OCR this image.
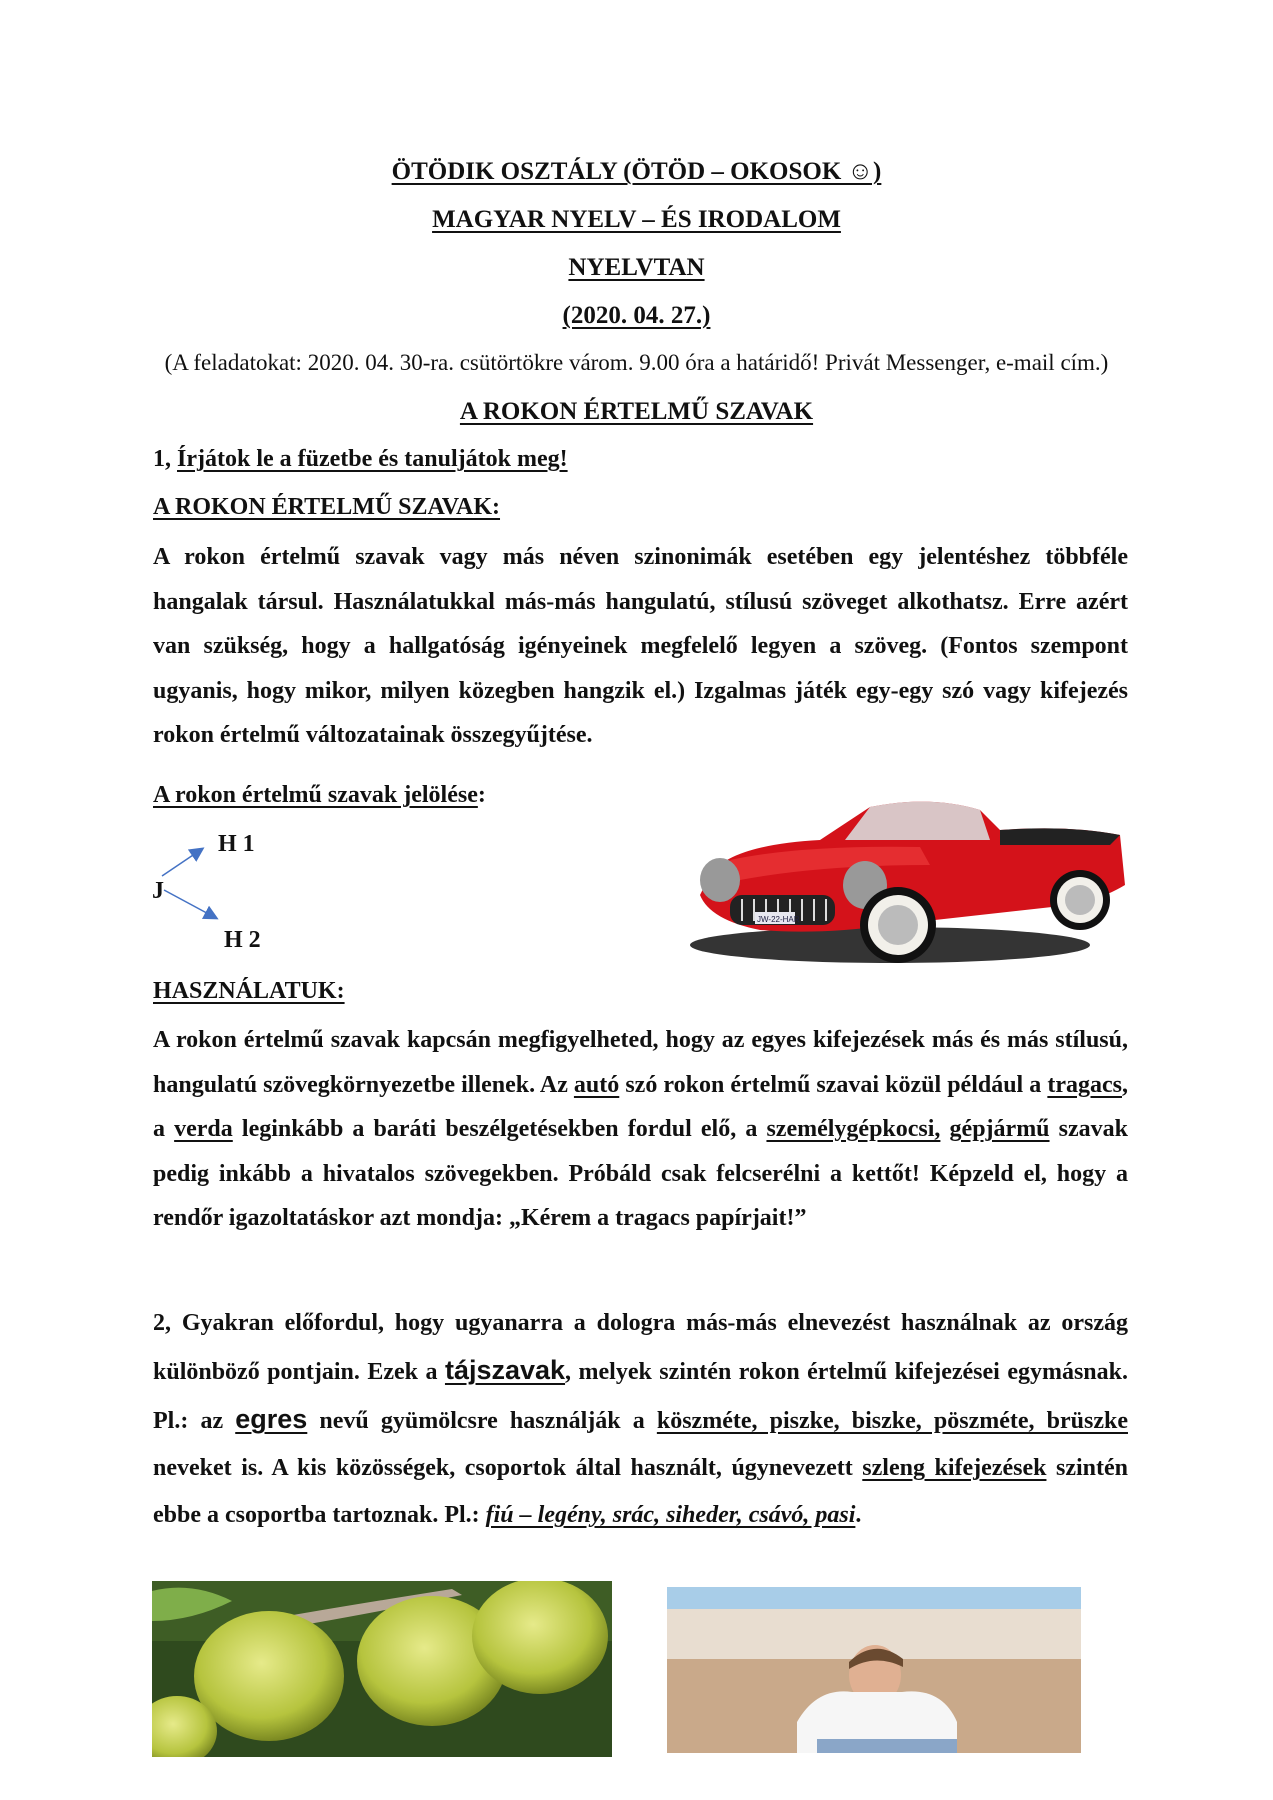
ÖTÖDIK OSZTÁLY (ÖTÖD – OKOSOK ☺)
MAGYAR NYELV – ÉS IRODALOM
NYELVTAN
(2020. 04. 27.)
(A feladatokat: 2020. 04. 30-ra. csütörtökre várom. 9.00 óra a határidő! Privát Messenger, e-mail cím.)
A ROKON ÉRTELMŰ SZAVAK
1, Írjátok le a füzetbe és tanuljátok meg!
A ROKON ÉRTELMŰ SZAVAK:
A rokon értelmű szavak vagy más néven szinonimák esetében egy jelentéshez többféle hangalak társul. Használatukkal más-más hangulatú, stílusú szöveget alkothatsz. Erre azért van szükség, hogy a hallgatóság igényeinek megfelelő legyen a szöveg. (Fontos szempont ugyanis, hogy mikor, milyen közegben hangzik el.) Izgalmas játék egy-egy szó vagy kifejezés rokon értelmű változatainak összegyűjtése.
A rokon értelmű szavak jelölése:
H 1
J
H 2
JW-22-HAR
HASZNÁLATUK:
A rokon értelmű szavak kapcsán megfigyelheted, hogy az egyes kifejezések más és más stílusú, hangulatú szövegkörnyezetbe illenek. Az autó szó rokon értelmű szavai közül például a tragacs, a verda leginkább a baráti beszélgetésekben fordul elő, a személygépkocsi, gépjármű szavak pedig inkább a hivatalos szövegekben. Próbáld csak felcserélni a kettőt! Képzeld el, hogy a rendőr igazoltatáskor azt mondja: „Kérem a tragacs papírjait!”
2, Gyakran előfordul, hogy ugyanarra a dologra más-más elnevezést használnak az ország különböző pontjain. Ezek a tájszavak, melyek szintén rokon értelmű kifejezései egymásnak. Pl.: az egres nevű gyümölcsre használják a köszméte, piszke, biszke, pöszméte, brüszke neveket is. A kis közösségek, csoportok által használt, úgynevezett szleng kifejezések szintén ebbe a csoportba tartoznak. Pl.: fiú – legény, srác, siheder, csávó, pasi.
